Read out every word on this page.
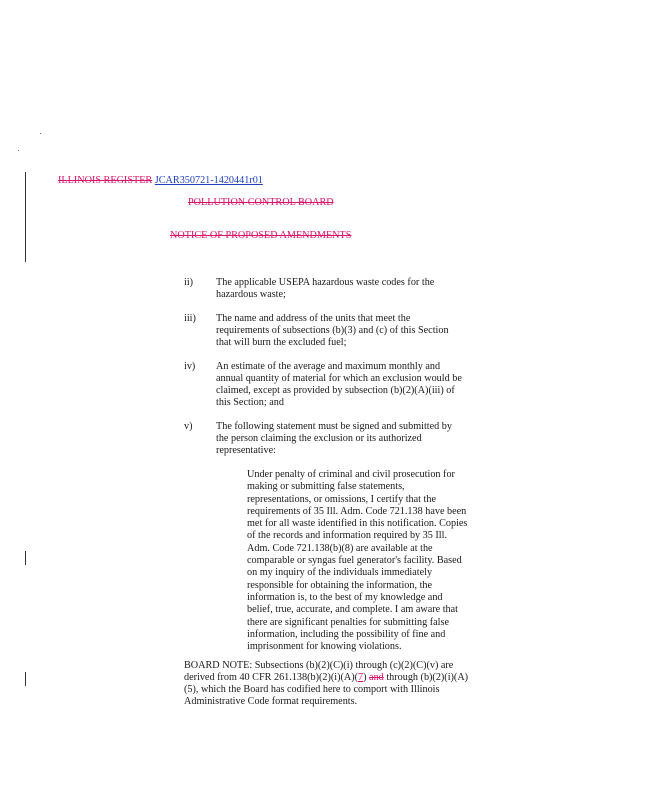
ILLINOIS REGISTER JCAR350721-1420441r01
POLLUTION CONTROL BOARD
NOTICE OF PROPOSED AMENDMENTS
ii) The applicable USEPA hazardous waste codes for the hazardous waste;
iii) The name and address of the units that meet the requirements of subsections (b)(3) and (c) of this Section that will burn the excluded fuel;
iv) An estimate of the average and maximum monthly and annual quantity of material for which an exclusion would be claimed, except as provided by subsection (b)(2)(A)(iii) of this Section; and
v) The following statement must be signed and submitted by the person claiming the exclusion or its authorized representative:
Under penalty of criminal and civil prosecution for making or submitting false statements, representations, or omissions, I certify that the requirements of 35 Ill. Adm. Code 721.138 have been met for all waste identified in this notification. Copies of the records and information required by 35 Ill. Adm. Code 721.138(b)(8) are available at the comparable or syngas fuel generator's facility. Based on my inquiry of the individuals immediately responsible for obtaining the information, the information is, to the best of my knowledge and belief, true, accurate, and complete. I am aware that there are significant penalties for submitting false information, including the possibility of fine and imprisonment for knowing violations.
BOARD NOTE: Subsections (b)(2)(C)(i) through (c)(2)(C)(v) are derived from 40 CFR 261.138(b)(2)(i)(A)(7) and through (b)(2)(i)(A)(5), which the Board has codified here to comport with Illinois Administrative Code format requirements.
